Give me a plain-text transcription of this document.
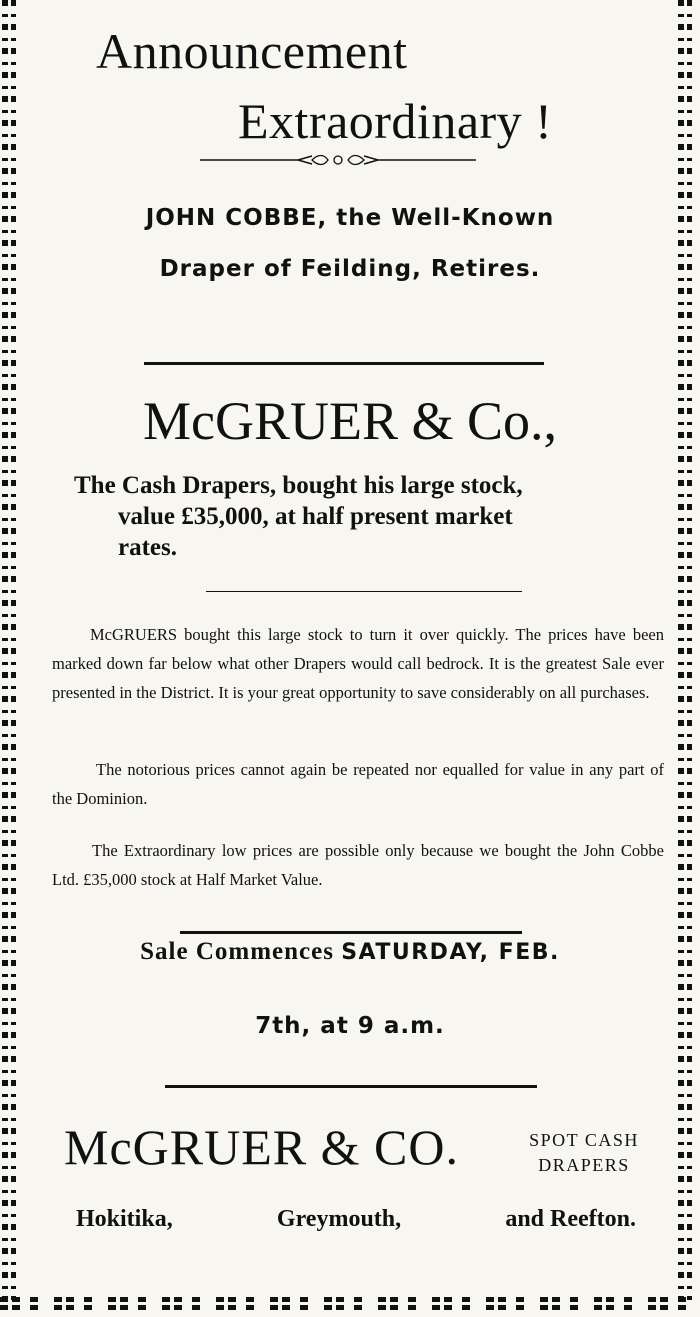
Announcement
Extraordinary !

JOHN COBBE, the Well-Known

Draper of Feilding, Retires.

McGRUER & Co.,

The Cash Drapers, bought his large stock,
value £35,000, at half present market
rates.

McGRUERS bought this large stock to turn it over quickly. The prices have been marked down far below what other Drapers would call bedrock. It is the greatest Sale ever presented in the District. It is your great opportunity to save considerably on all purchases.

The notorious prices cannot again be repeated nor equalled for value in any part of the Dominion.

The Extraordinary low prices are possible only because we bought the John Cobbe Ltd. £35,000 stock at Half Market Value.

Sale Commences SATURDAY, FEB.

7th, at 9 a.m.

McGRUER & CO.	SPOT CASH
DRAPERS
Hokitika,	Greymouth,	and Reefton.
